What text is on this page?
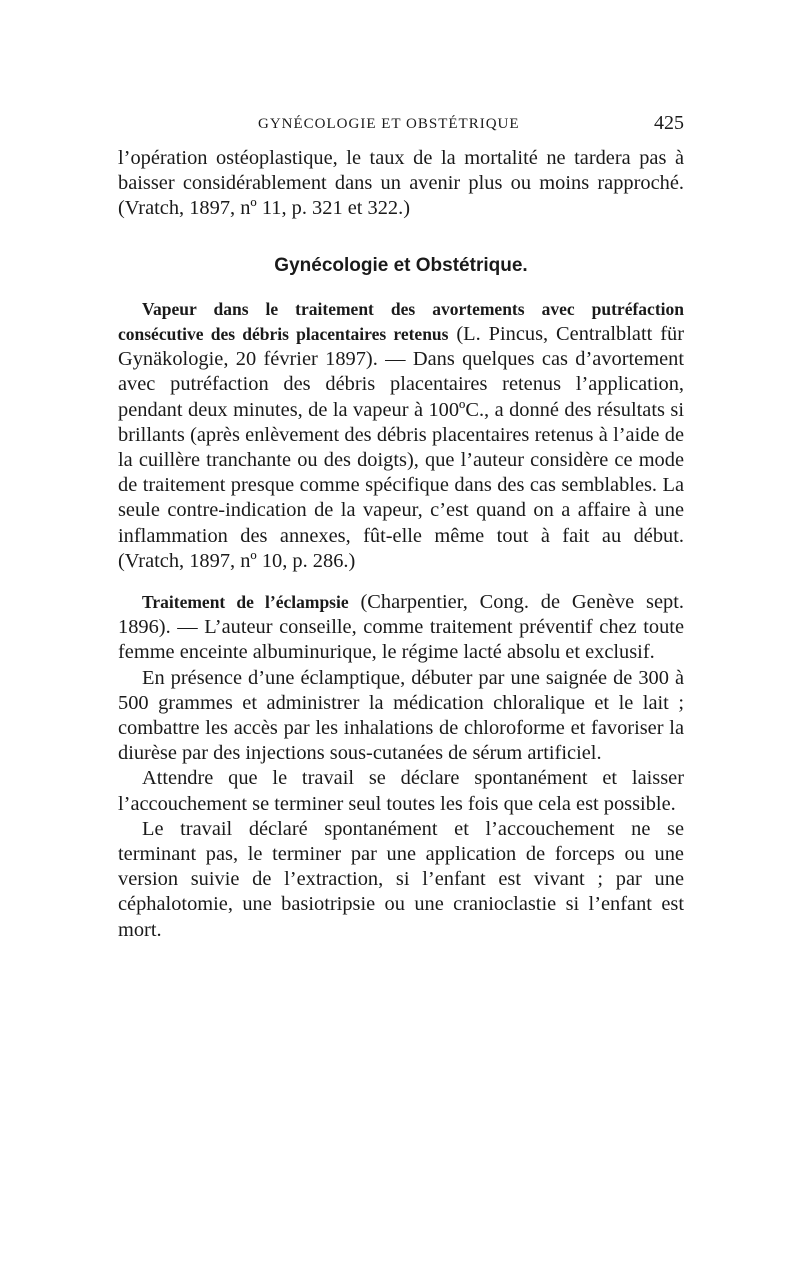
GYNÉCOLOGIE ET OBSTÉTRIQUE	425

l’opération ostéoplastique, le taux de la mortalité ne tardera pas à baisser considérablement dans un avenir plus ou moins rapproché. (Vratch, 1897, nº 11, p. 321 et 322.)

Gynécologie et Obstétrique.

Vapeur dans le traitement des avortements avec putréfaction consécutive des débris placentaires retenus (L. Pincus, Centralblatt für Gynäkologie, 20 février 1897). — Dans quelques cas d’avortement avec putréfaction des débris placentaires retenus l’application, pendant deux minutes, de la vapeur à 100ºC., a donné des résultats si brillants (après enlèvement des débris placentaires retenus à l’aide de la cuillère tranchante ou des doigts), que l’auteur considère ce mode de traitement presque comme spécifique dans des cas semblables. La seule contre-indication de la vapeur, c’est quand on a affaire à une inflammation des annexes, fût-elle même tout à fait au début. (Vratch, 1897, nº 10, p. 286.)

Traitement de l’éclampsie (Charpentier, Cong. de Genève sept. 1896). — L’auteur conseille, comme traitement préventif chez toute femme enceinte albuminurique, le régime lacté absolu et exclusif.

En présence d’une éclamptique, débuter par une saignée de 300 à 500 grammes et administrer la médication chloralique et le lait ; combattre les accès par les inhalations de chloroforme et favoriser la diurèse par des injections sous-cutanées de sérum artificiel.

Attendre que le travail se déclare spontanément et laisser l’accouchement se terminer seul toutes les fois que cela est possible.

Le travail déclaré spontanément et l’accouchement ne se terminant pas, le terminer par une application de forceps ou une version suivie de l’extraction, si l’enfant est vivant ; par une céphalotomie, une basiotripsie ou une cranioclastie si l’enfant est mort.
